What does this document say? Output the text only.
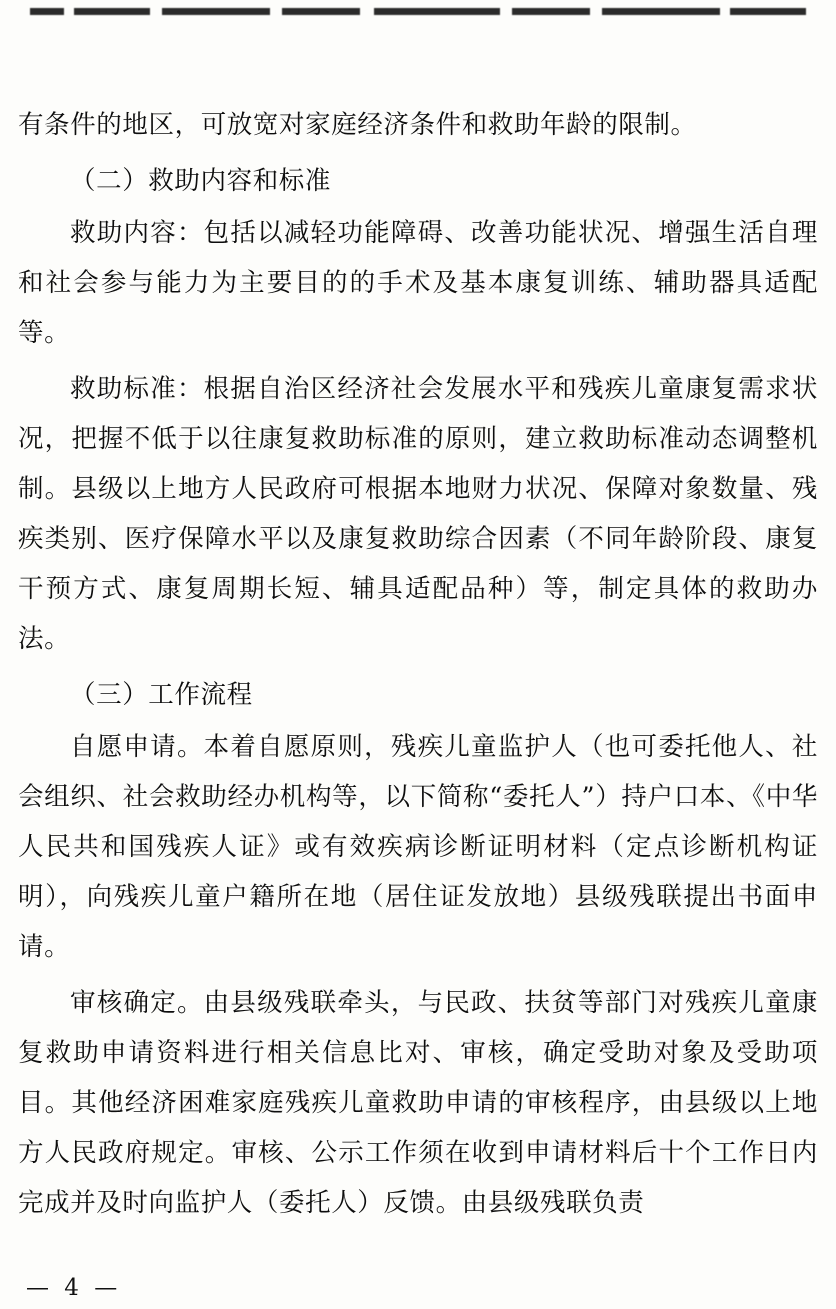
有条件的地区，可放宽对家庭经济条件和救助年龄的限制。

（二）救助内容和标准

救助内容：包括以减轻功能障碍、改善功能状况、增强生活自理和社会参与能力为主要目的的手术及基本康复训练、辅助器具适配等。

救助标准：根据自治区经济社会发展水平和残疾儿童康复需求状况，把握不低于以往康复救助标准的原则，建立救助标准动态调整机制。县级以上地方人民政府可根据本地财力状况、保障对象数量、残疾类别、医疗保障水平以及康复救助综合因素（不同年龄阶段、康复干预方式、康复周期长短、辅具适配品种）等，制定具体的救助办法。

（三）工作流程

自愿申请。本着自愿原则，残疾儿童监护人（也可委托他人、社会组织、社会救助经办机构等，以下简称“委托人”）持户口本、《中华人民共和国残疾人证》或有效疾病诊断证明材料（定点诊断机构证明），向残疾儿童户籍所在地（居住证发放地）县级残联提出书面申请。

审核确定。由县级残联牵头，与民政、扶贫等部门对残疾儿童康复救助申请资料进行相关信息比对、审核，确定受助对象及受助项目。其他经济困难家庭残疾儿童救助申请的审核程序，由县级以上地方人民政府规定。审核、公示工作须在收到申请材料后十个工作日内完成并及时向监护人（委托人）反馈。由县级残联负责

— 4 —
